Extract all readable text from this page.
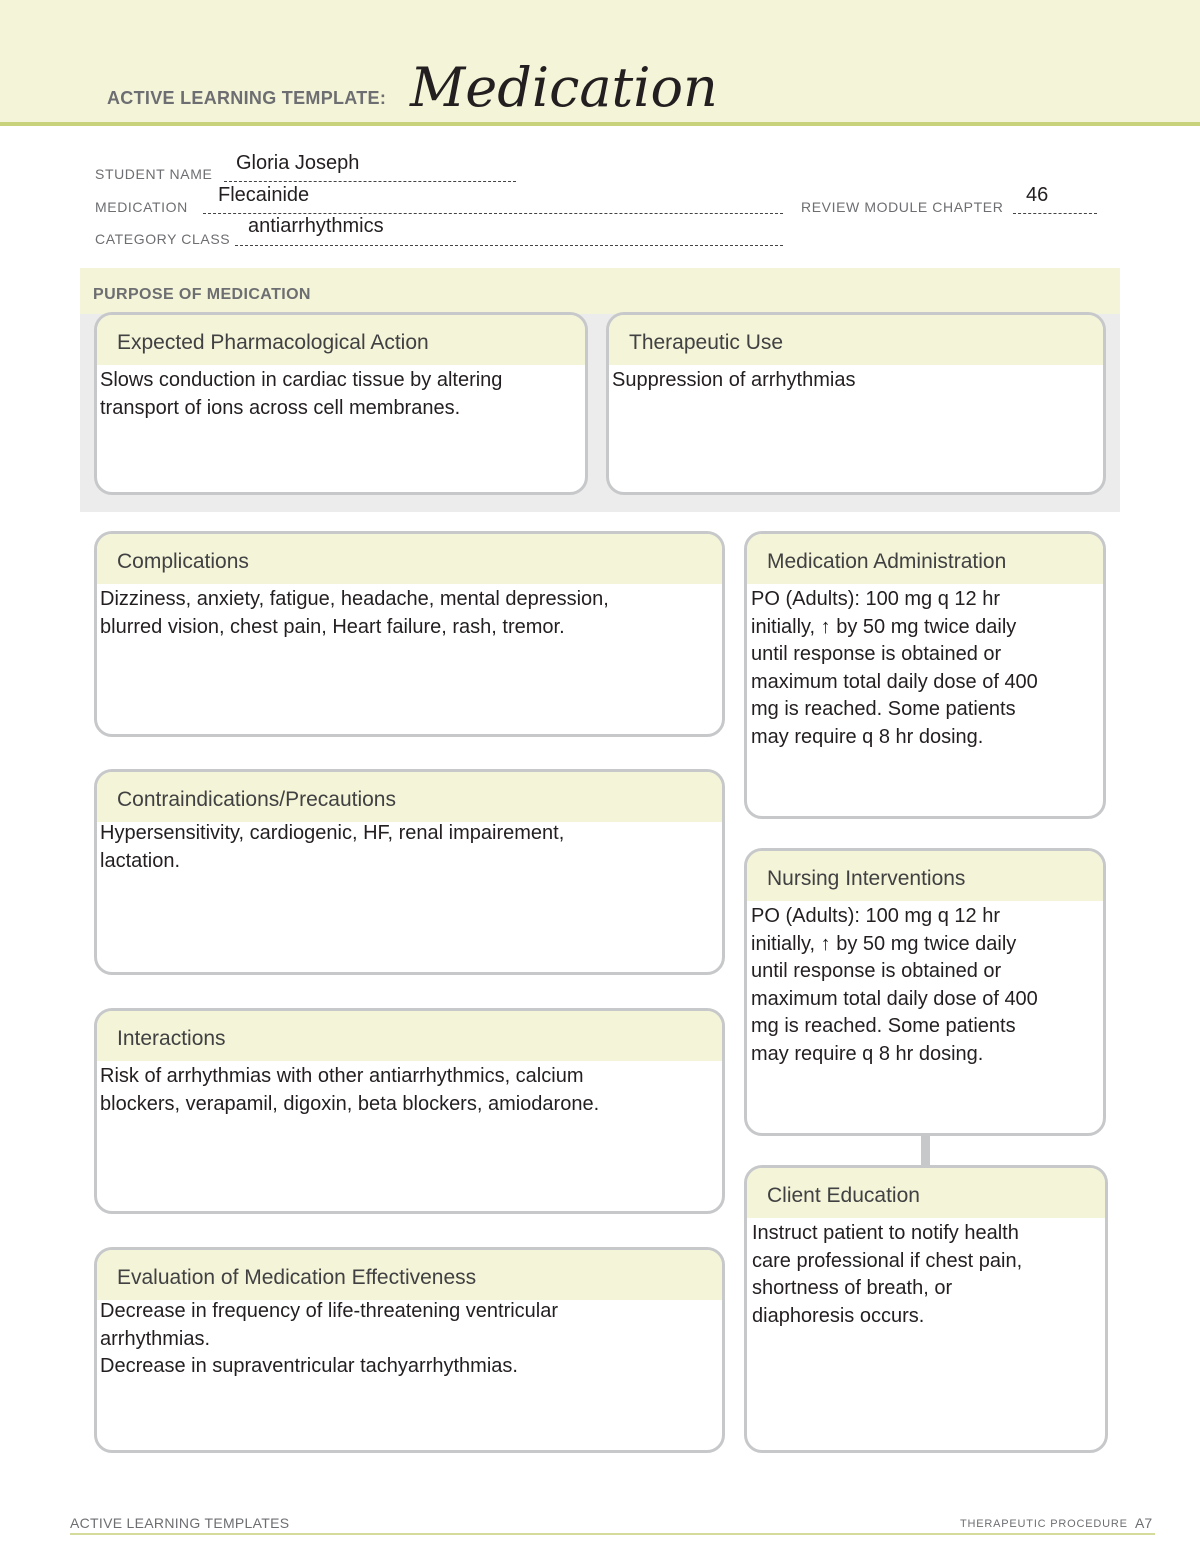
ACTIVE LEARNING TEMPLATE: Medication
STUDENT NAME Gloria Joseph
MEDICATION
Flecainide
REVIEW MODULE CHAPTER
46
CATEGORY CLASS
antiarrhythmics
PURPOSE OF MEDICATION
Expected Pharmacological Action
Slows conduction in cardiac tissue by altering
transport of ions across cell membranes.
Therapeutic Use
Suppression of arrhythmias
Complications
Dizziness, anxiety, fatigue, headache, mental depression,
blurred vision, chest pain, Heart failure, rash, tremor.
Contraindications/Precautions
Hypersensitivity, cardiogenic, HF, renal impairement,
lactation.
Interactions
Risk of arrhythmias with other antiarrhythmics, calcium
blockers, verapamil, digoxin, beta blockers, amiodarone.
Evaluation of Medication Effectiveness
Decrease in frequency of life-threatening ventricular
arrhythmias.
Decrease in supraventricular tachyarrhythmias.
Medication Administration
PO (Adults): 100 mg q 12 hr
initially, ↑ by 50 mg twice daily
until response is obtained or
maximum total daily dose of 400
mg is reached. Some patients
may require q 8 hr dosing.
Nursing Interventions
PO (Adults): 100 mg q 12 hr
initially, ↑ by 50 mg twice daily
until response is obtained or
maximum total daily dose of 400
mg is reached. Some patients
may require q 8 hr dosing.
Client Education
Instruct patient to notify health
care professional if chest pain,
shortness of breath, or
diaphoresis occurs.
ACTIVE LEARNING TEMPLATES	THERAPEUTIC PROCEDURE A7
